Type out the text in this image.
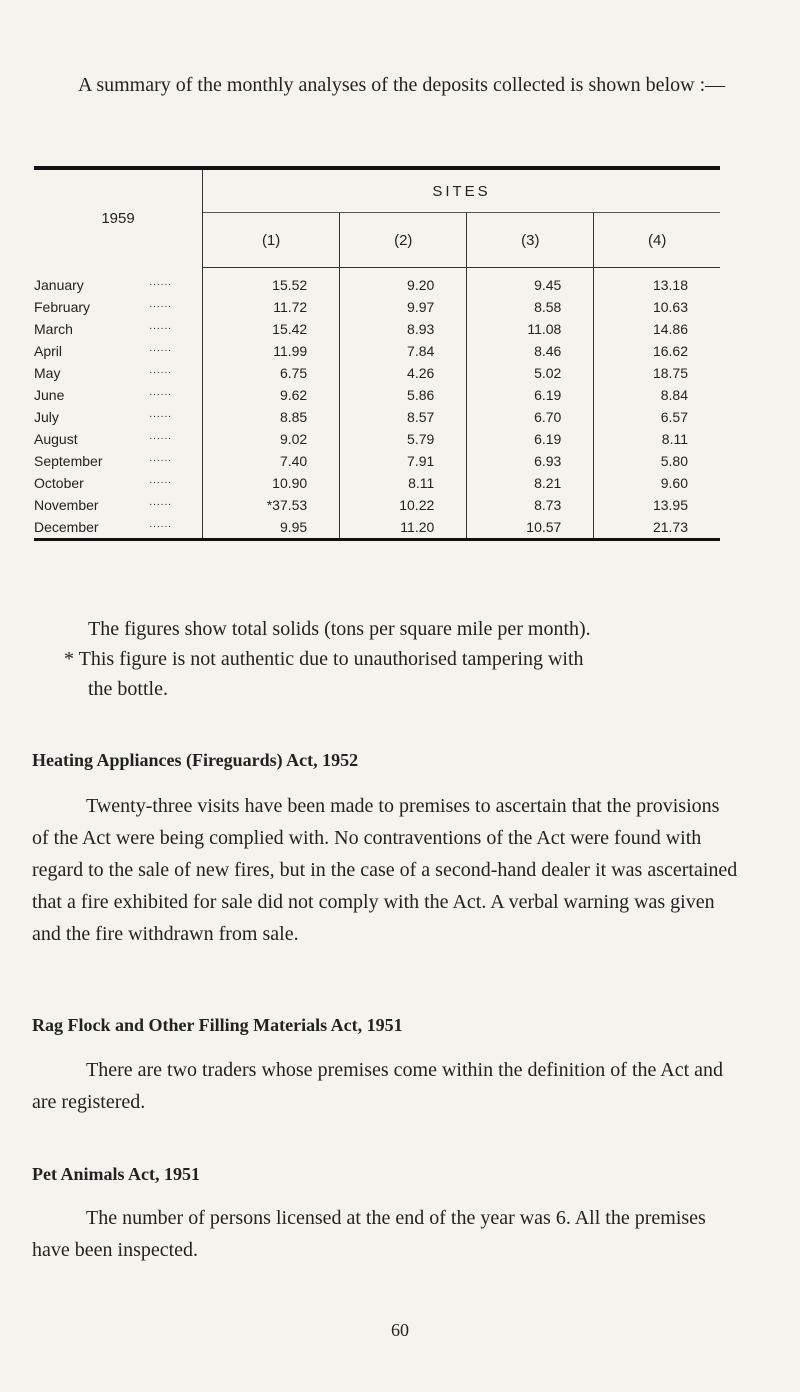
A summary of the monthly analyses of the deposits collected is shown below :—

1959	SITES			
	(1)	(2)	(3)	(4)
January ......	15.52	9.20	9.45	13.18
February ......	11.72	9.97	8.58	10.63
March ......	15.42	8.93	11.08	14.86
April ......	11.99	7.84	8.46	16.62
May ......	6.75	4.26	5.02	18.75
June ......	9.62	5.86	6.19	8.84
July ......	8.85	8.57	6.70	6.57
August ......	9.02	5.79	6.19	8.11
September ......	7.40	7.91	6.93	5.80
October ......	10.90	8.11	8.21	9.60
November ......	*37.53	10.22	8.73	13.95
December ......	9.95	11.20	10.57	21.73
The figures show total solids (tons per square mile per month).
* This figure is not authentic due to unauthorised tampering with
the bottle.
Heating Appliances (Fireguards) Act, 1952

Twenty-three visits have been made to premises to ascertain that the provisions of the Act were being complied with. No contraventions of the Act were found with regard to the sale of new fires, but in the case of a second-hand dealer it was ascertained that a fire exhibited for sale did not comply with the Act. A verbal warning was given and the fire withdrawn from sale.

Rag Flock and Other Filling Materials Act, 1951

There are two traders whose premises come within the definition of the Act and are registered.

Pet Animals Act, 1951

The number of persons licensed at the end of the year was 6. All the premises have been inspected.

60
